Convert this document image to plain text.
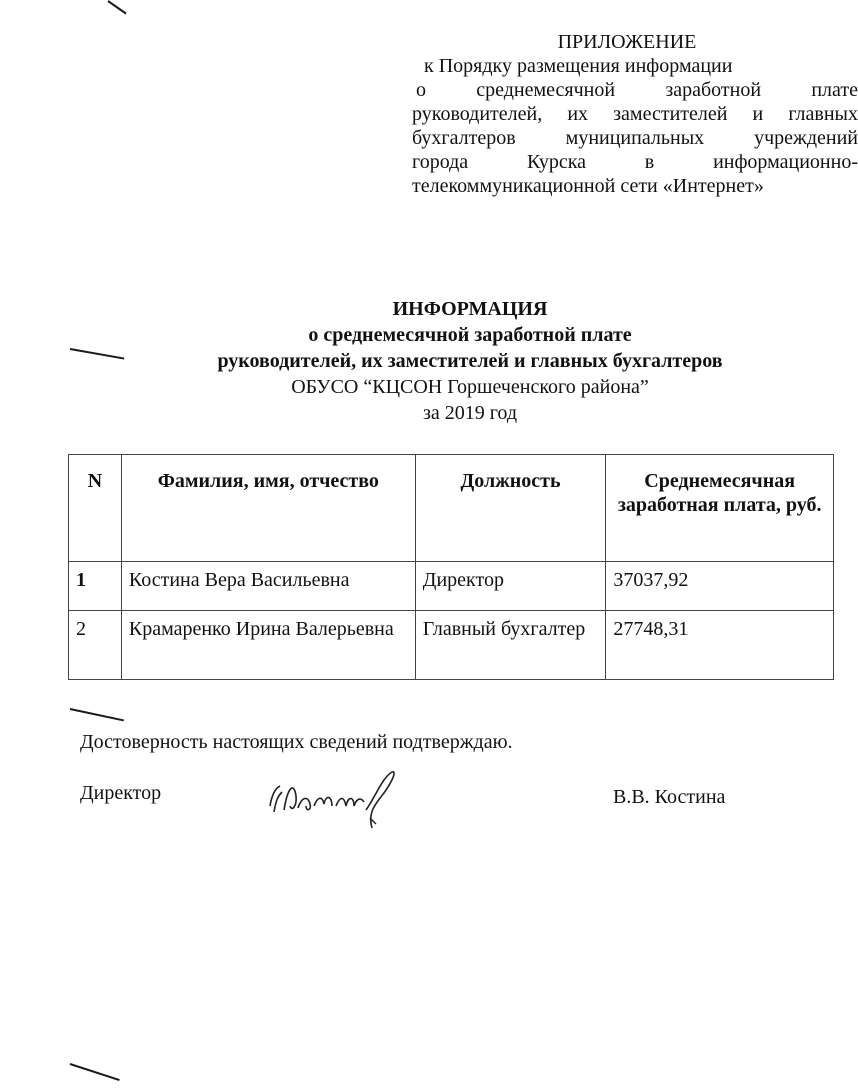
ПРИЛОЖЕНИЕ
к Порядку размещения информации
о среднемесячной заработной плате
руководителей, их заместителей и главных
бухгалтеров муниципальных учреждений
города Курска в информационно-
телекоммуникационной сети «Интернет»
ИНФОРМАЦИЯ
о среднемесячной заработной плате
руководителей, их заместителей и главных бухгалтеров
ОБУСО “КЦСОН Горшеченского района”
за 2019 год
N	Фамилия, имя, отчество	Должность	Среднемесячная заработная плата, руб.
1	Костина Вера Васильевна	Директор	37037,92
2	Крамаренко Ирина Валерьевна	Главный бухгалтер	27748,31
Достоверность настоящих сведений подтверждаю.
Директор	В.В. Костина
